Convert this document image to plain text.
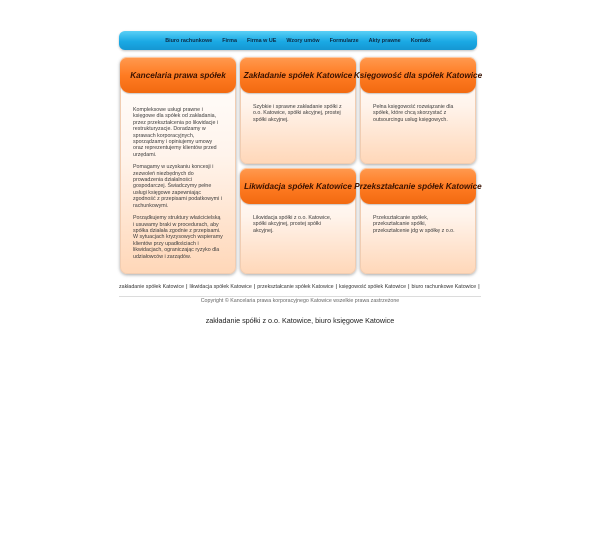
Biuro rachunkowe	Firma	Firma w UE	Wzory umów	Formularze	Akty prawne	Kontakt
Kancelaria prawa spółek

Kompleksowe usługi prawne i księgowe dla spółek od zakładania, przez przekształcenia po likwidacje i restrukturyzacje. Doradzamy w sprawach korporacyjnych, sporządzamy i opiniujemy umowy oraz reprezentujemy klientów przed urzędami.

Pomagamy w uzyskaniu koncesji i zezwoleń niezbędnych do prowadzenia działalności gospodarczej. Świadczymy pełne usługi księgowe zapewniając zgodność z przepisami podatkowymi i rachunkowymi.

Porządkujemy struktury właścicielską i usuwamy braki w procedurach, aby spółka działała zgodnie z przepisami. W sytuacjach kryzysowych wspieramy klientów przy upadłościach i likwidacjach, ograniczając ryzyko dla udziałowców i zarządów.

Zakładanie spółek Katowice

Szybkie i sprawne zakładanie spółki z o.o. Katowice, spółki akcyjnej, prostej spółki akcyjnej.

Księgowość dla spółek Katowice

Pełna księgowość rozwiązanie dla spółek, które chcą skorzystać z outsourcingu usług księgowych.

Likwidacja spółek Katowice

Likwidacja spółki z o.o. Katowice, spółki akcyjnej, prostej spółki akcyjnej.

Przekształcanie spółek Katowice

Przekształcanie spółek, przekształcanie spółki, przekształcenie jdg w spółkę z o.o.

zakładanie spółek Katowice | likwidacja spółek Katowice | przekształcanie spółek Katowice | księgowość spółek Katowice | biuro rachunkowe Katowice |
Copyright © Kancelaria prawa korporacyjnego Katowice wszelkie prawa zastrzeżone
zakładanie spółki z o.o. Katowice, biuro księgowe Katowice
